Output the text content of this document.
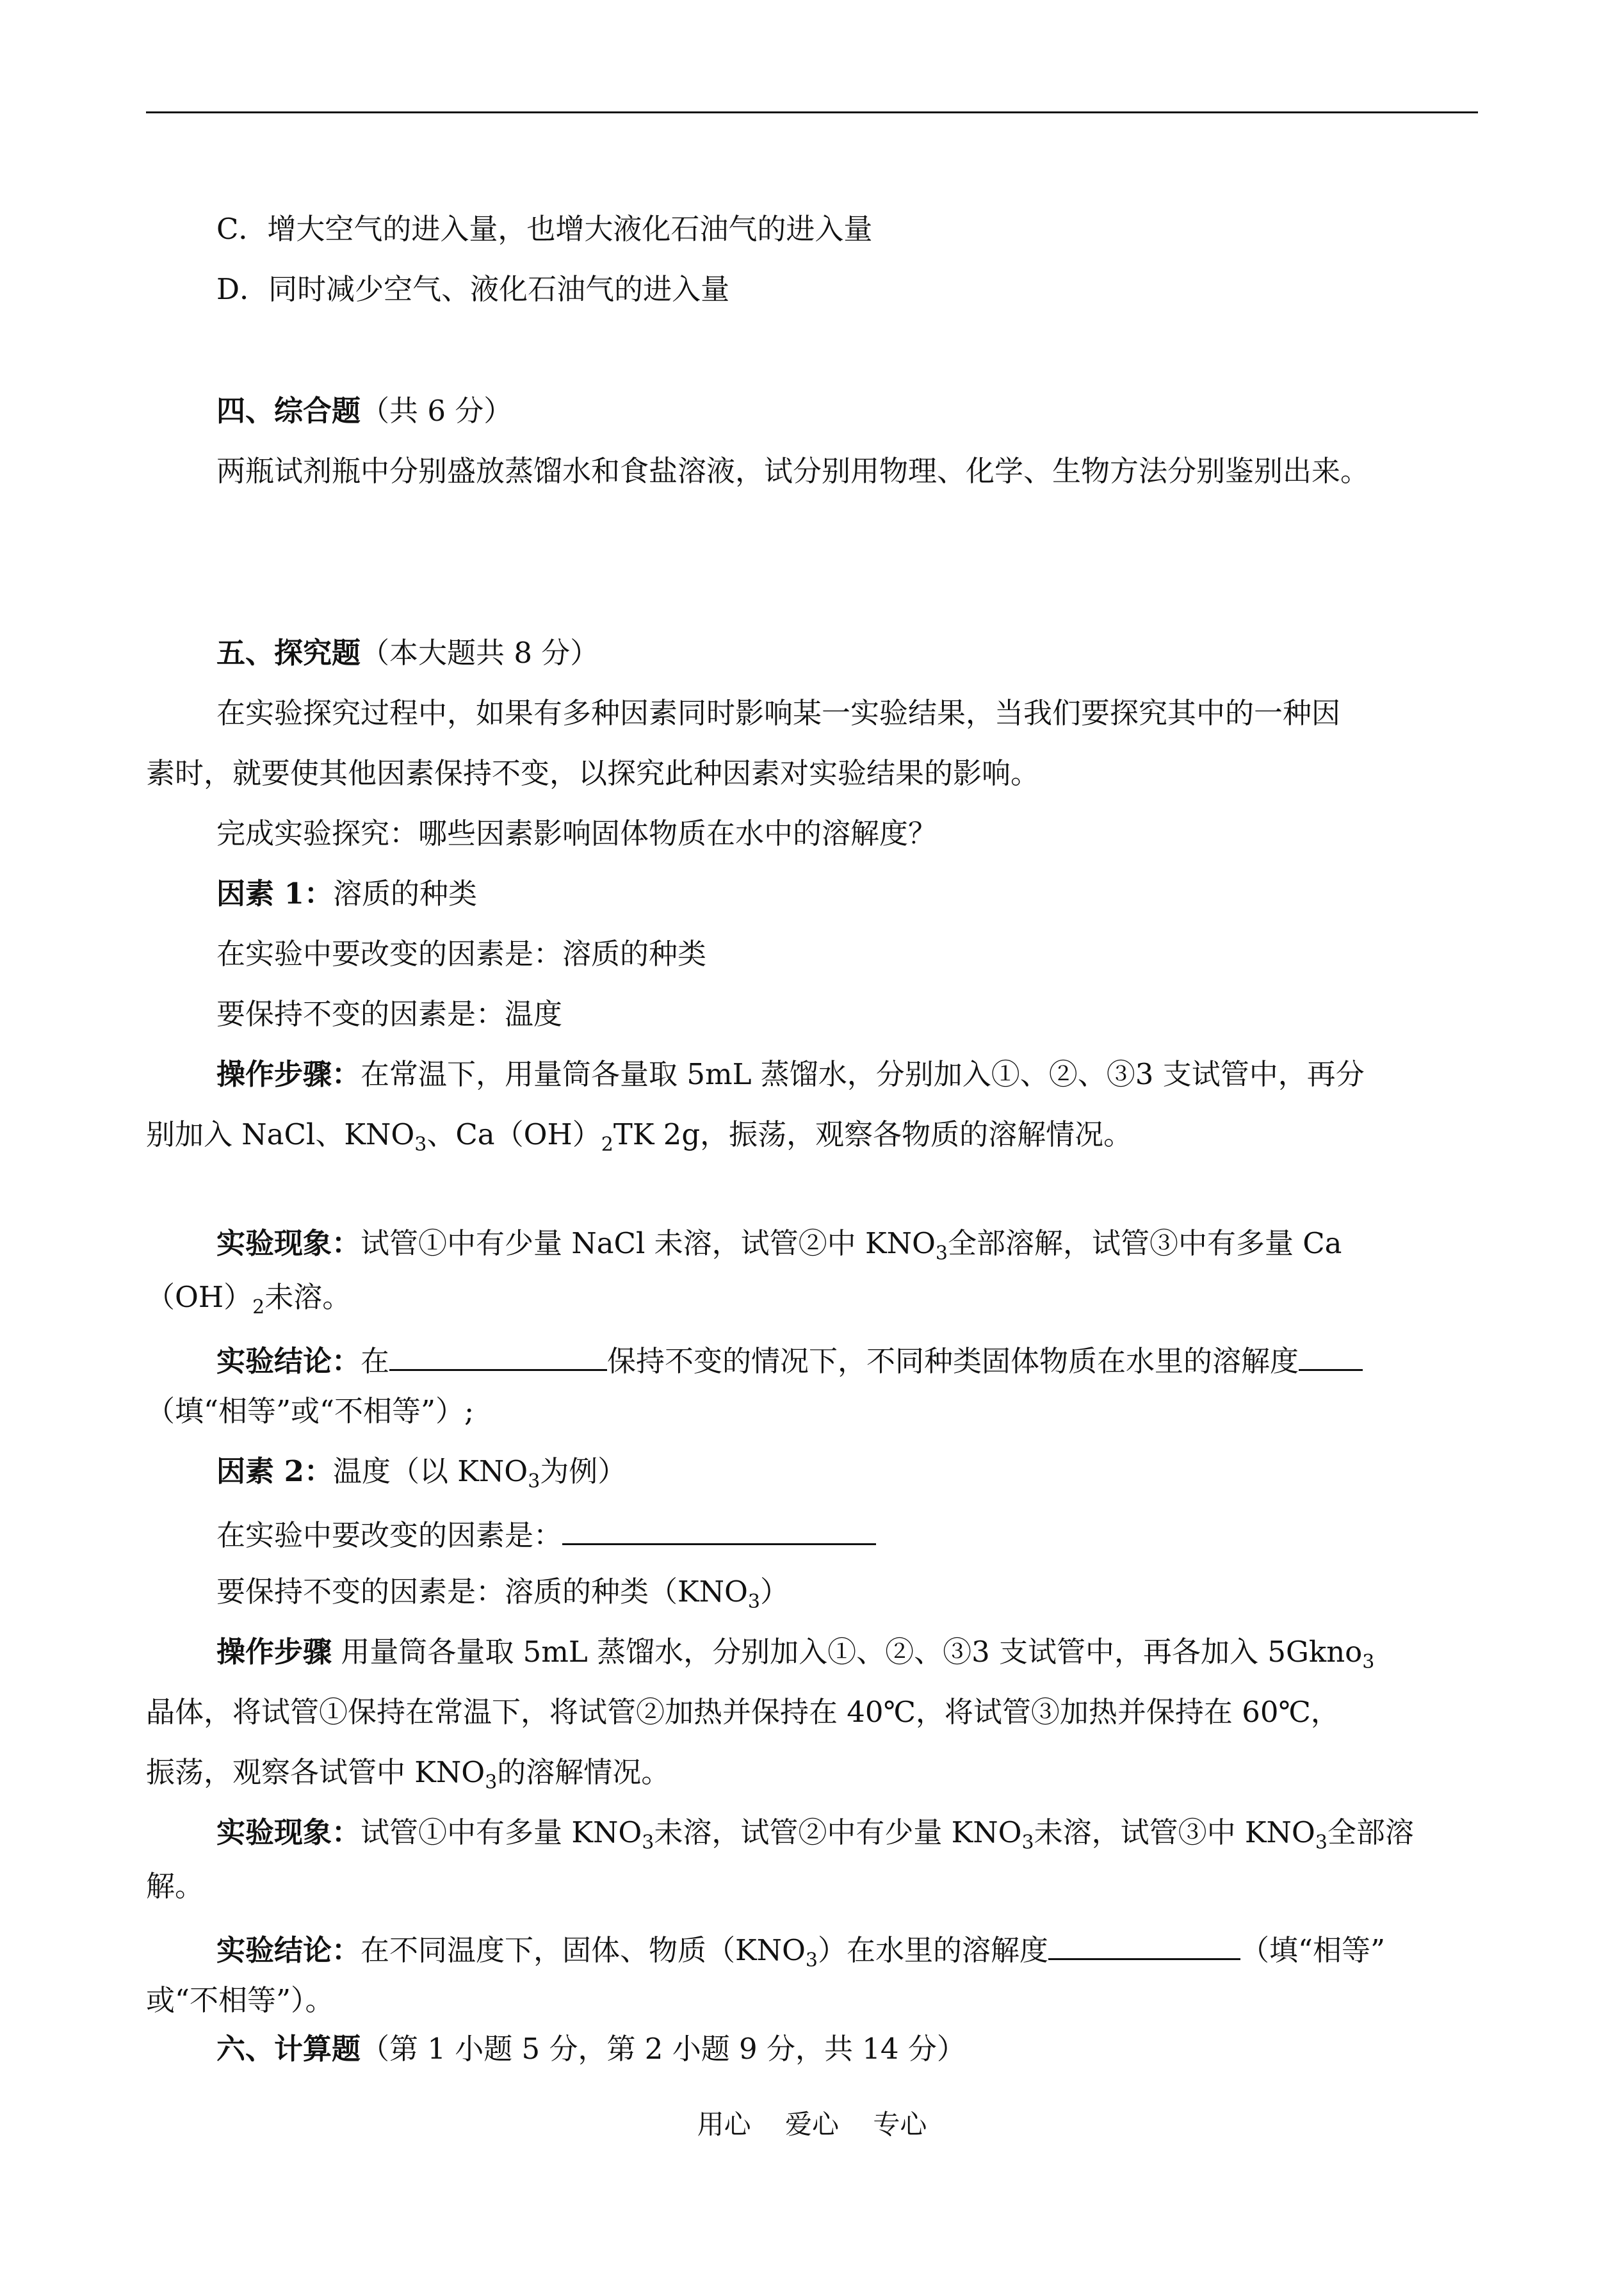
C．增大空气的进入量，也增大液化石油气的进入量
D．同时减少空气、液化石油气的进入量
四、综合题（共 6 分）
两瓶试剂瓶中分别盛放蒸馏水和食盐溶液，试分别用物理、化学、生物方法分别鉴别出来。
五、探究题（本大题共 8 分）
在实验探究过程中，如果有多种因素同时影响某一实验结果，当我们要探究其中的一种因
素时，就要使其他因素保持不变，以探究此种因素对实验结果的影响。
完成实验探究：哪些因素影响固体物质在水中的溶解度？
因素 1：溶质的种类
在实验中要改变的因素是：溶质的种类
要保持不变的因素是：温度
操作步骤：在常温下，用量筒各量取 5mL 蒸馏水，分别加入①、②、③3 支试管中，再分
别加入 NaCl、$KNO_3$、$Ca(OH)_2TK$ 2g，振荡，观察各物质的溶解情况。
实验现象：试管①中有少量 NaCl 未溶，试管②中 $KNO_3$全部溶解，试管③中有多量 Ca
$(OH)_2$未溶。
实验结论：在	保持不变的情况下，不同种类固体物质在水里的溶解度
（填“相等”或“不相等”）;
因素 2：温度（以 $KNO_3$为例）
在实验中要改变的因素是：
要保持不变的因素是：溶质的种类$(KNO_3)$
操作步骤 用量筒各量取 5mL 蒸馏水，分别加入①、②、③3 支试管中，再各加入 5Gkno$_3$
晶体，将试管①保持在常温下，将试管②加热并保持在 40℃，将试管③加热并保持在 60℃，
振荡，观察各试管中 $KNO_3$的溶解情况。
实验现象：试管①中有多量 $KNO_3$未溶，试管②中有少量 $KNO_3$未溶，试管③中 $KNO_3$全部溶
解。
实验结论：在不同温度下，固体、物质$(KNO_3)$在水里的溶解度	（填“相等”
或“不相等”）。
六、计算题（第 1 小题 5 分，第 2 小题 9 分，共 14 分）
用心    爱心    专心
